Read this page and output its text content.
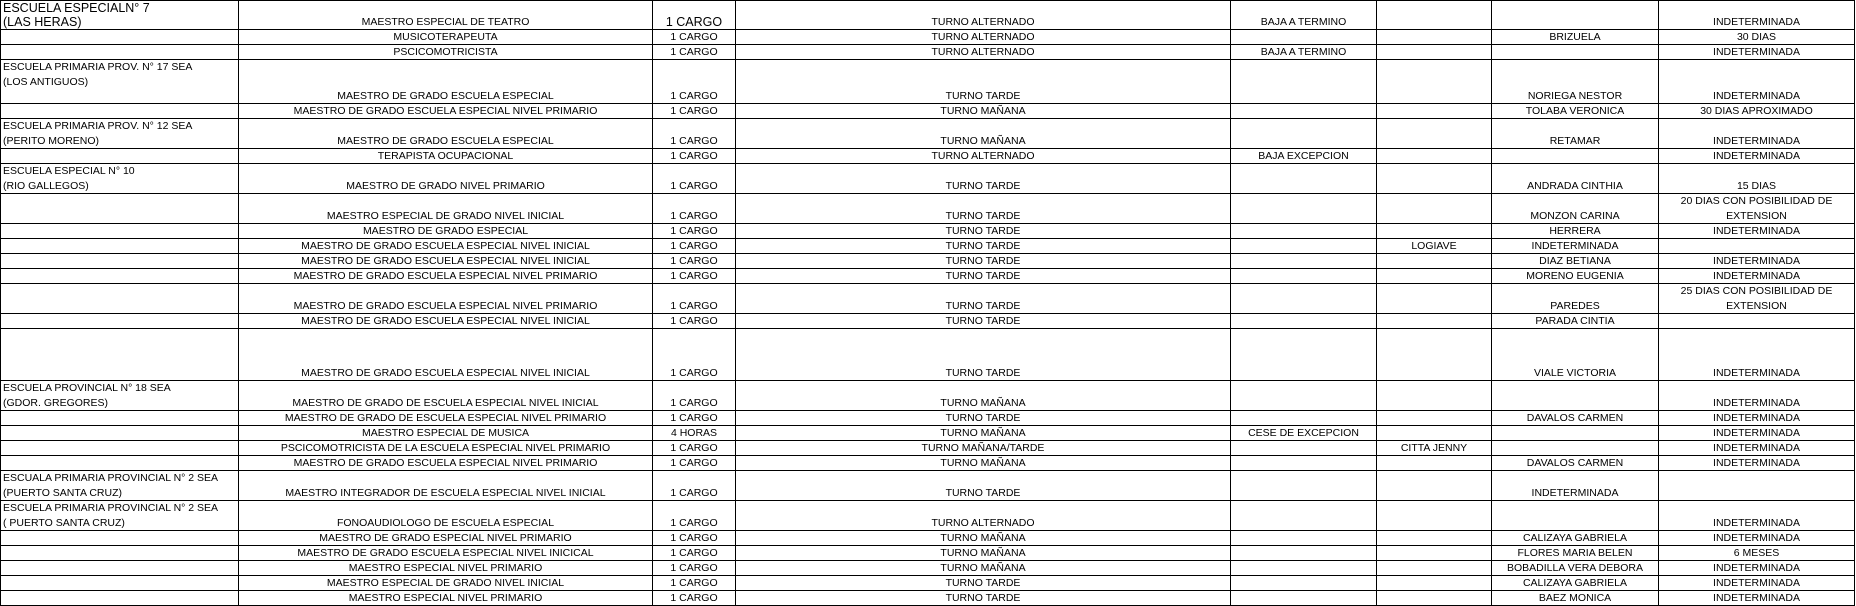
ESCUELA ESPECIALN° 7
(LAS HERAS)	MAESTRO ESPECIAL DE TEATRO	1 CARGO	TURNO ALTERNADO	BAJA A TERMINO			INDETERMINADA
	MUSICOTERAPEUTA	1 CARGO	TURNO ALTERNADO			BRIZUELA	30 DIAS
	PSCICOMOTRICISTA	1 CARGO	TURNO ALTERNADO	BAJA A TERMINO			INDETERMINADA
ESCUELA PRIMARIA PROV. N° 17 SEA
(LOS ANTIGUOS)	MAESTRO DE GRADO ESCUELA ESPECIAL	1 CARGO	TURNO TARDE			NORIEGA NESTOR	INDETERMINADA
	MAESTRO DE GRADO ESCUELA ESPECIAL NIVEL PRIMARIO	1 CARGO	TURNO MAÑANA			TOLABA VERONICA	30 DIAS APROXIMADO
ESCUELA PRIMARIA PROV. N° 12 SEA
(PERITO MORENO)	MAESTRO DE GRADO ESCUELA ESPECIAL	1 CARGO	TURNO MAÑANA			RETAMAR	INDETERMINADA
	TERAPISTA OCUPACIONAL	1 CARGO	TURNO ALTERNADO	BAJA EXCEPCION			INDETERMINADA
ESCUELA ESPECIAL N° 10
(RIO GALLEGOS)	MAESTRO DE GRADO NIVEL PRIMARIO	1 CARGO	TURNO TARDE			ANDRADA CINTHIA	15 DIAS
	MAESTRO ESPECIAL DE GRADO NIVEL INICIAL	1 CARGO	TURNO TARDE			MONZON CARINA	20 DIAS CON POSIBILIDAD DE EXTENSION
	MAESTRO DE GRADO ESPECIAL	1 CARGO	TURNO TARDE			HERRERA	INDETERMINADA
	MAESTRO DE GRADO ESCUELA ESPECIAL NIVEL INICIAL	1 CARGO	TURNO TARDE		LOGIAVE	INDETERMINADA	
	MAESTRO DE GRADO ESCUELA ESPECIAL NIVEL INICIAL	1 CARGO	TURNO TARDE			DIAZ BETIANA	INDETERMINADA
	MAESTRO DE GRADO ESCUELA ESPECIAL NIVEL PRIMARIO	1 CARGO	TURNO TARDE			MORENO EUGENIA	INDETERMINADA
	MAESTRO DE GRADO ESCUELA ESPECIAL NIVEL PRIMARIO	1 CARGO	TURNO TARDE			PAREDES	25 DIAS CON POSIBILIDAD DE EXTENSION
	MAESTRO DE GRADO ESCUELA ESPECIAL NIVEL INICIAL	1 CARGO	TURNO TARDE			PARADA CINTIA	
	MAESTRO DE GRADO ESCUELA ESPECIAL NIVEL INICIAL	1 CARGO	TURNO TARDE			VIALE VICTORIA	INDETERMINADA
ESCUELA PROVINCIAL N° 18 SEA
(GDOR. GREGORES)	MAESTRO DE GRADO DE ESCUELA ESPECIAL NIVEL INICIAL	1 CARGO	TURNO MAÑANA				INDETERMINADA
	MAESTRO DE GRADO DE ESCUELA ESPECIAL NIVEL PRIMARIO	1 CARGO	TURNO TARDE			DAVALOS CARMEN	INDETERMINADA
	MAESTRO ESPECIAL DE MUSICA	4 HORAS	TURNO MAÑANA	CESE DE EXCEPCION			INDETERMINADA
	PSCICOMOTRICISTA DE LA ESCUELA ESPECIAL NIVEL PRIMARIO	1 CARGO	TURNO MAÑANA/TARDE		CITTA JENNY		INDETERMINADA
	MAESTRO DE GRADO ESCUELA ESPECIAL NIVEL PRIMARIO	1 CARGO	TURNO MAÑANA			DAVALOS CARMEN	INDETERMINADA
ESCUALA PRIMARIA PROVINCIAL N° 2 SEA
(PUERTO SANTA CRUZ)	MAESTRO INTEGRADOR DE ESCUELA ESPECIAL NIVEL INICIAL	1 CARGO	TURNO TARDE			INDETERMINADA	
ESCUELA PRIMARIA PROVINCIAL N° 2 SEA
( PUERTO SANTA CRUZ)	FONOAUDIOLOGO DE ESCUELA ESPECIAL	1 CARGO	TURNO ALTERNADO				INDETERMINADA
	MAESTRO DE GRADO ESPECIAL NIVEL PRIMARIO	1 CARGO	TURNO MAÑANA			CALIZAYA GABRIELA	INDETERMINADA
	MAESTRO DE GRADO ESCUELA ESPECIAL NIVEL INICICAL	1 CARGO	TURNO MAÑANA			FLORES MARIA BELEN	6 MESES
	MAESTRO ESPECIAL NIVEL PRIMARIO	1 CARGO	TURNO MAÑANA			BOBADILLA VERA DEBORA	INDETERMINADA
	MAESTRO ESPECIAL DE GRADO NIVEL INICIAL	1 CARGO	TURNO TARDE			CALIZAYA GABRIELA	INDETERMINADA
	MAESTRO ESPECIAL NIVEL PRIMARIO	1 CARGO	TURNO TARDE			BAEZ MONICA	INDETERMINADA
